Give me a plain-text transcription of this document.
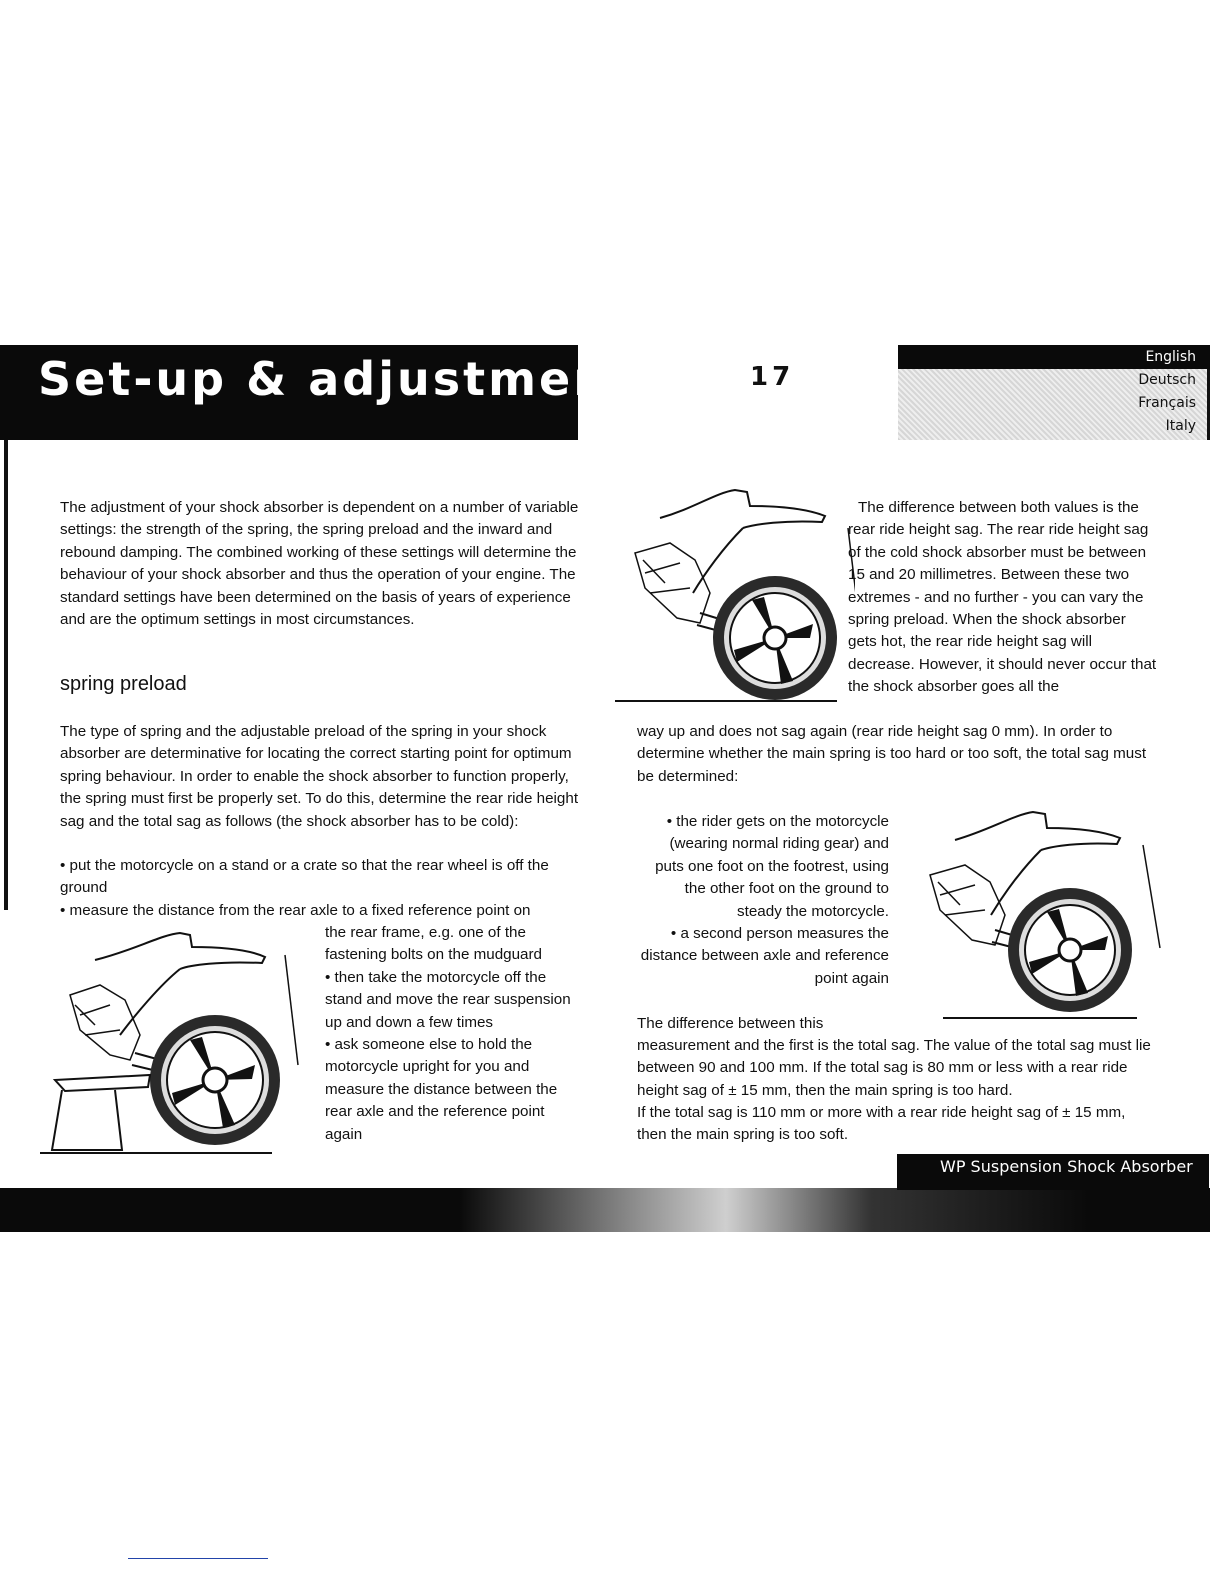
Set-up & adjustment	17
English
Deutsch
Français
Italy

The adjustment of your shock absorber is dependent on a number of variable settings: the strength of the spring, the spring preload and the inward and rebound damping. The combined working of these settings will determine the behaviour of your shock absorber and thus the operation of your engine. The standard settings have been determined on the basis of years of experience and are the optimum settings in most circumstances.

spring preload

The type of spring and the adjustable preload of the spring in your shock absorber are determinative for locating the correct starting point for optimum spring behaviour. In order to enable the shock absorber to function properly, the spring must first be properly set. To do this, determine the rear ride height sag and the total sag as follows (the shock absorber has to be cold):

• put the motorcycle on a stand or a crate so that the rear wheel is off the ground

• measure the distance from the rear axle to a fixed reference point on

the rear frame, e.g. one of the fastening bolts on the mudguard

• then take the motorcycle off the stand and move the rear suspension up and down a few times

• ask someone else to hold the motorcycle upright for you and measure the distance between the rear axle and the reference point again

The difference between both values is the rear ride height sag. The rear ride height sag of the cold shock absorber must be between 15 and 20 millimetres. Between these two extremes - and no further - you can vary the spring preload. When the shock absorber gets hot, the rear ride height sag will decrease. However, it should never occur that the shock absorber goes all the

way up and does not sag again (rear ride height sag 0 mm). In order to determine whether the main spring is too hard or too soft, the total sag must be determined:

• the rider gets on the motorcycle (wearing normal riding gear) and puts one foot on the footrest, using the other foot on the ground to steady the motorcycle.

• a second person measures the distance between axle and reference point again

The difference between this

measurement and the first is the total sag. The value of the total sag must lie between 90 and 100 mm. If the total sag is 80 mm or less with a rear ride height sag of ± 15 mm, then the main spring is too hard.

If the total sag is 110 mm or more with a rear ride height sag of ± 15 mm, then the main spring is too soft.

WP Suspension Shock Absorber
